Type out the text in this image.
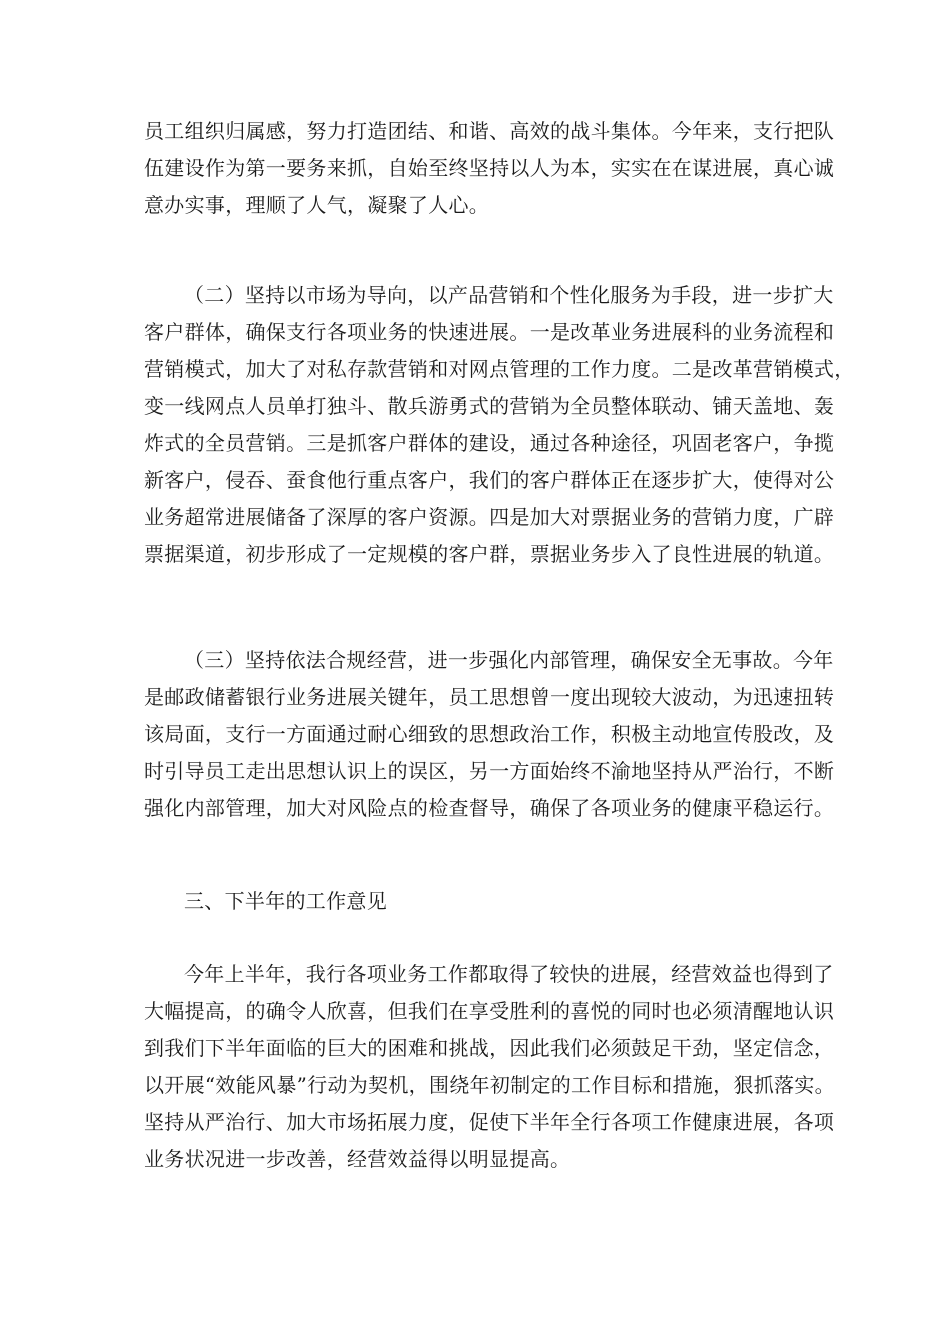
员工组织归属感，努力打造团结、和谐、高效的战斗集体。今年来，支行把队
伍建设作为第一要务来抓，自始至终坚持以人为本，实实在在谋进展，真心诚
意办实事，理顺了人气，凝聚了人心。

（二）坚持以市场为导向，以产品营销和个性化服务为手段，进一步扩大
客户群体，确保支行各项业务的快速进展。一是改革业务进展科的业务流程和
营销模式，加大了对私存款营销和对网点管理的工作力度。二是改革营销模式，
变一线网点人员单打独斗、散兵游勇式的营销为全员整体联动、铺天盖地、轰
炸式的全员营销。三是抓客户群体的建设，通过各种途径，巩固老客户，争揽
新客户，侵吞、蚕食他行重点客户，我们的客户群体正在逐步扩大，使得对公
业务超常进展储备了深厚的客户资源。四是加大对票据业务的营销力度，广辟
票据渠道，初步形成了一定规模的客户群，票据业务步入了良性进展的轨道。

（三）坚持依法合规经营，进一步强化内部管理，确保安全无事故。今年
是邮政储蓄银行业务进展关键年，员工思想曾一度出现较大波动，为迅速扭转
该局面，支行一方面通过耐心细致的思想政治工作，积极主动地宣传股改，及
时引导员工走出思想认识上的误区，另一方面始终不渝地坚持从严治行，不断
强化内部管理，加大对风险点的检查督导，确保了各项业务的健康平稳运行。

三、下半年的工作意见

今年上半年，我行各项业务工作都取得了较快的进展，经营效益也得到了
大幅提高，的确令人欣喜，但我们在享受胜利的喜悦的同时也必须清醒地认识
到我们下半年面临的巨大的困难和挑战，因此我们必须鼓足干劲，坚定信念，
以开展“效能风暴”行动为契机，围绕年初制定的工作目标和措施，狠抓落实。
坚持从严治行、加大市场拓展力度，促使下半年全行各项工作健康进展，各项
业务状况进一步改善，经营效益得以明显提高。
